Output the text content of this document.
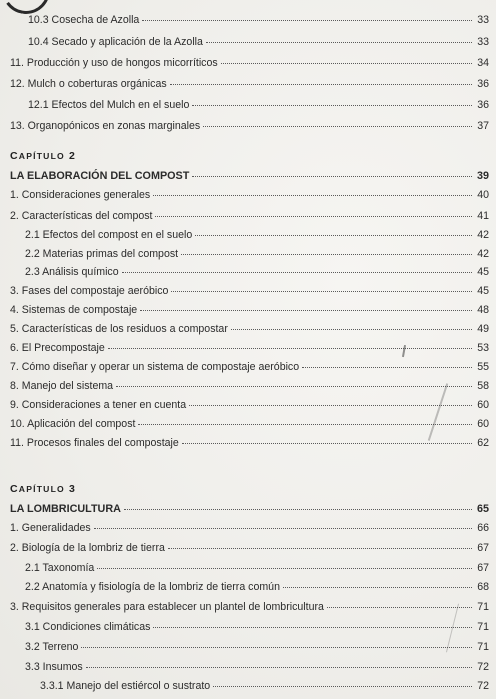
10.3 Cosecha de Azolla	33
10.4 Secado y aplicación de la Azolla	33
11. Producción y uso de hongos micorríticos	34
12. Mulch o coberturas orgánicas	36
12.1 Efectos del Mulch en el suelo	36
13. Organopónicos en zonas marginales	37
CAPÍTULO 2
LA ELABORACIÓN DEL COMPOST	39
1. Consideraciones generales	40
2. Características del compost	41
2.1 Efectos del compost en el suelo	42
2.2 Materias primas del compost	42
2.3 Análisis químico	45
3. Fases del compostaje aeróbico	45
4. Sistemas de compostaje	48
5. Características de los residuos a compostar	49
6. El Precompostaje	53
7. Cómo diseñar y operar un sistema de compostaje aeróbico	55
8. Manejo del sistema	58
9. Consideraciones a tener en cuenta	60
10. Aplicación del compost	60
11. Procesos finales del compostaje	62
CAPÍTULO 3
LA LOMBRICULTURA	65
1. Generalidades	66
2. Biología de la lombriz de tierra	67
2.1 Taxonomía	67
2.2 Anatomía y fisiología de la lombriz de tierra común	68
3. Requisitos generales para establecer un plantel de lombricultura	71
3.1 Condiciones climáticas	71
3.2 Terreno	71
3.3 Insumos	72
3.3.1 Manejo del estiércol o sustrato	72
